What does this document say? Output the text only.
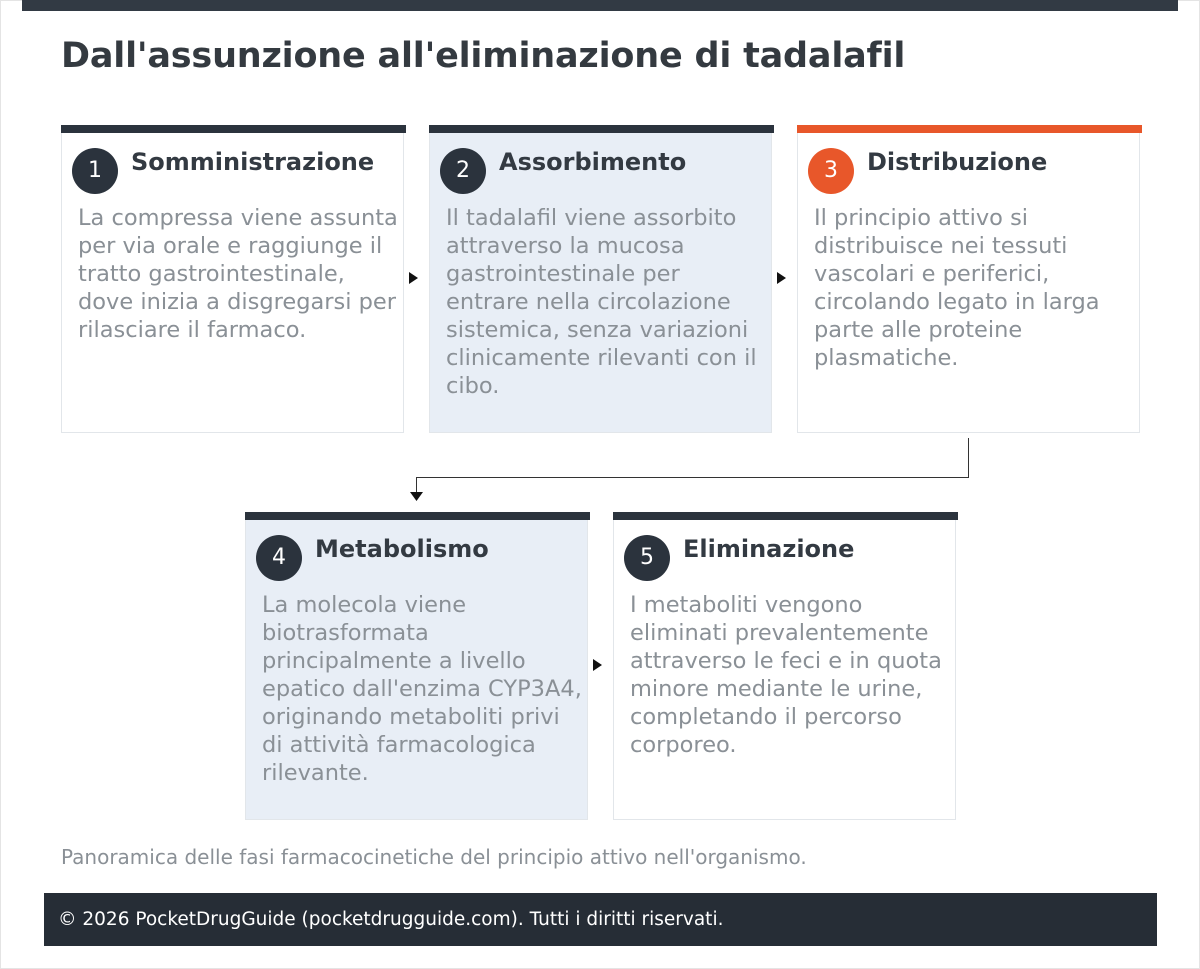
Dall'assunzione all'eliminazione di tadalafil
1	Somministrazione
La compressa viene assunta per via orale e raggiunge il tratto gastrointestinale, dove inizia a disgregarsi per rilasciare il farmaco.
2	Assorbimento
Il tadalafil viene assorbito attraverso la mucosa gastrointestinale per entrare nella circolazione sistemica, senza variazioni clinicamente rilevanti con il cibo.
3	Distribuzione
Il principio attivo si distribuisce nei tessuti vascolari e periferici, circolando legato in larga parte alle proteine plasmatiche.
4	Metabolismo
La molecola viene biotrasformata principalmente a livello epatico dall'enzima CYP3A4, originando metaboliti privi di attività farmacologica rilevante.
5	Eliminazione
I metaboliti vengono eliminati prevalentemente attraverso le feci e in quota minore mediante le urine, completando il percorso corporeo.
Panoramica delle fasi farmacocinetiche del principio attivo nell'organismo.
© 2026 PocketDrugGuide (pocketdrugguide.com). Tutti i diritti riservati.
